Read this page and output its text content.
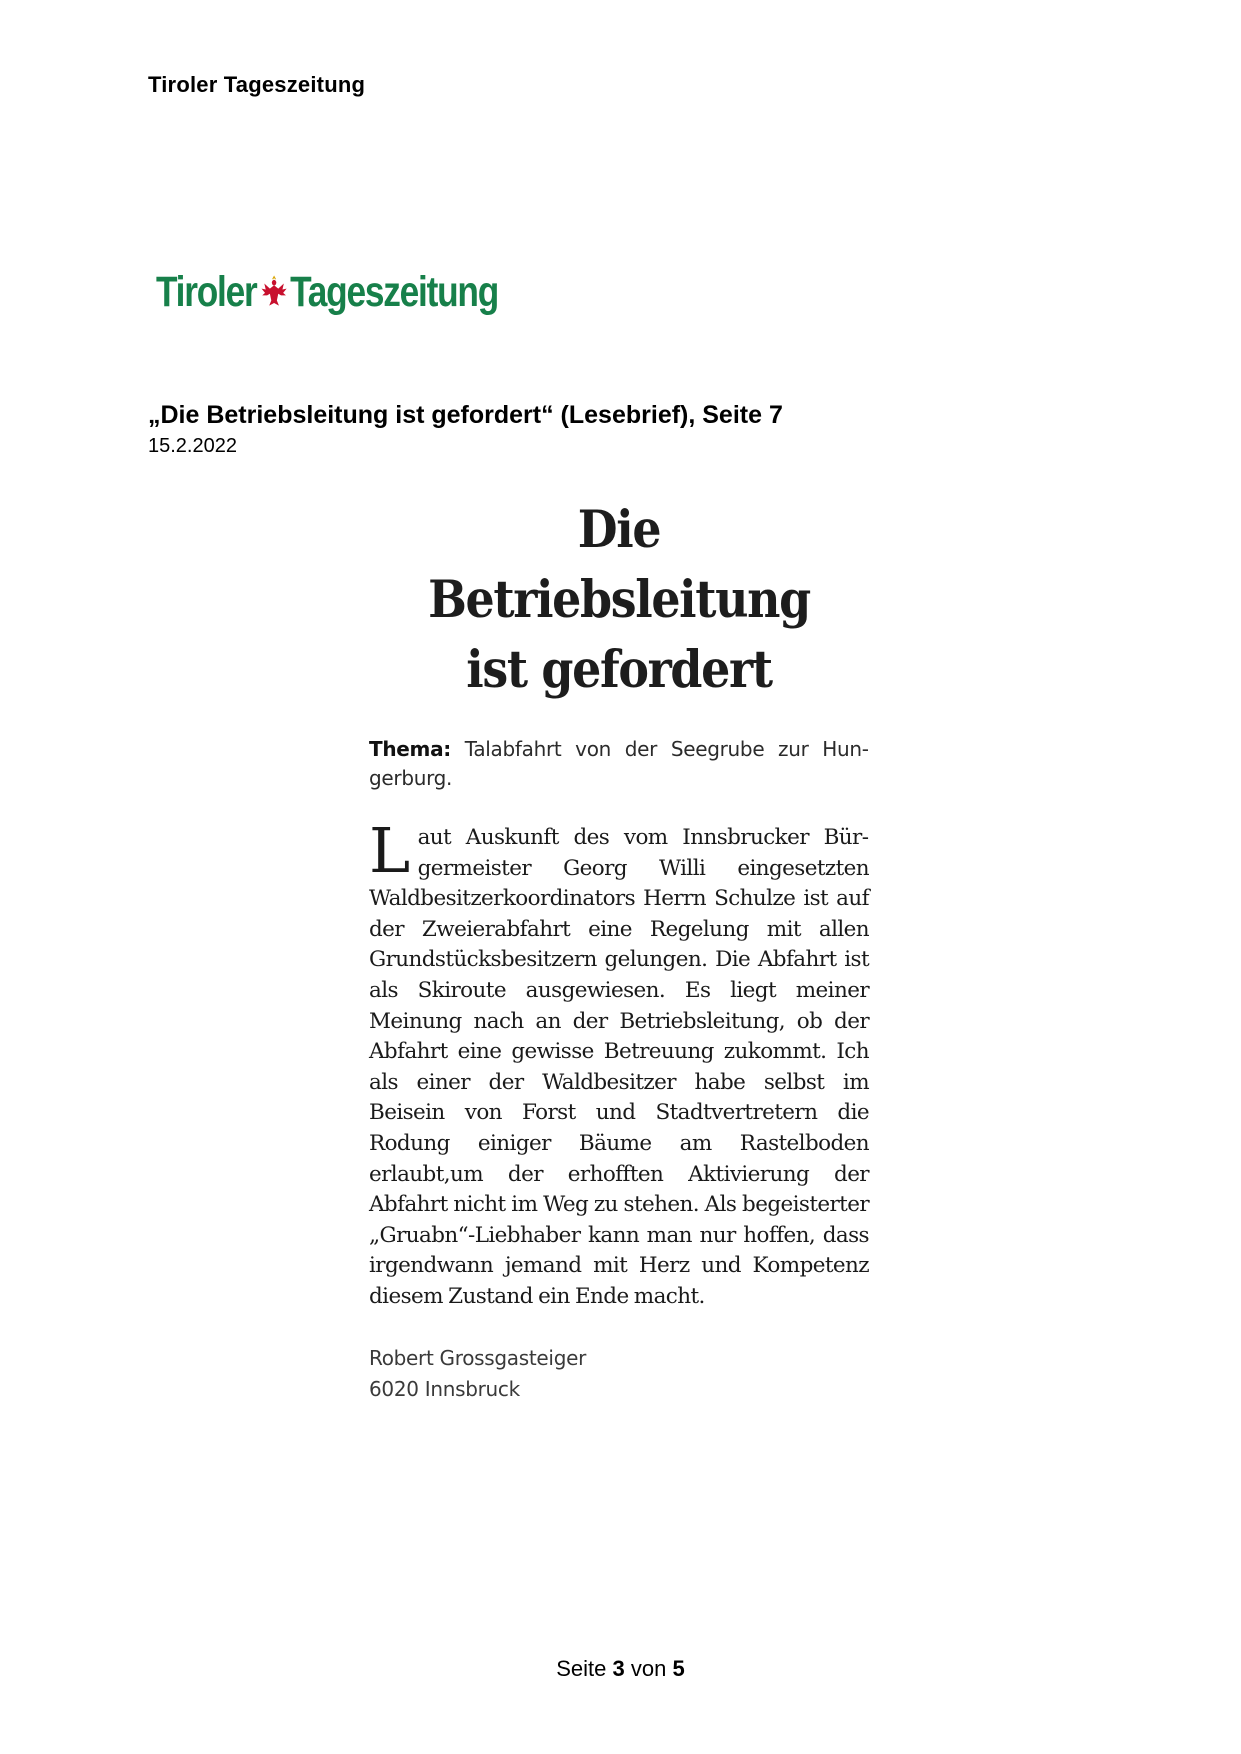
Tiroler Tageszeitung
Tiroler Tageszeitung
„Die Betriebsleitung ist gefordert“ (Lesebrief), Seite 7
15.2.2022
Die Betriebsleitung
ist gefordert
Thema: Talabfahrt von der Seegrube zur Hungerburg.
Laut Auskunft des vom Innsbrucker Bürgermeister Georg Willi eingesetzten Waldbesitzerkoordinators Herrn Schulze ist auf der Zweierabfahrt eine Regelung mit allen Grundstücksbesitzern gelungen. Die Abfahrt ist als Skiroute ausgewiesen. Es liegt meiner Meinung nach an der Betriebsleitung, ob der Abfahrt eine gewisse Betreuung zukommt. Ich als einer der Waldbesitzer habe selbst im Beisein von Forst und Stadtvertretern die Rodung einiger Bäume am Rastelboden erlaubt,um der erhofften Aktivierung der Abfahrt nicht im Weg zu stehen. Als begeisterter „Gruabn“-Liebhaber kann man nur hoffen, dass irgendwann jemand mit Herz und Kompetenz diesem Zustand ein Ende macht.
Robert Grossgasteiger
6020 Innsbruck
Seite 3 von 5
